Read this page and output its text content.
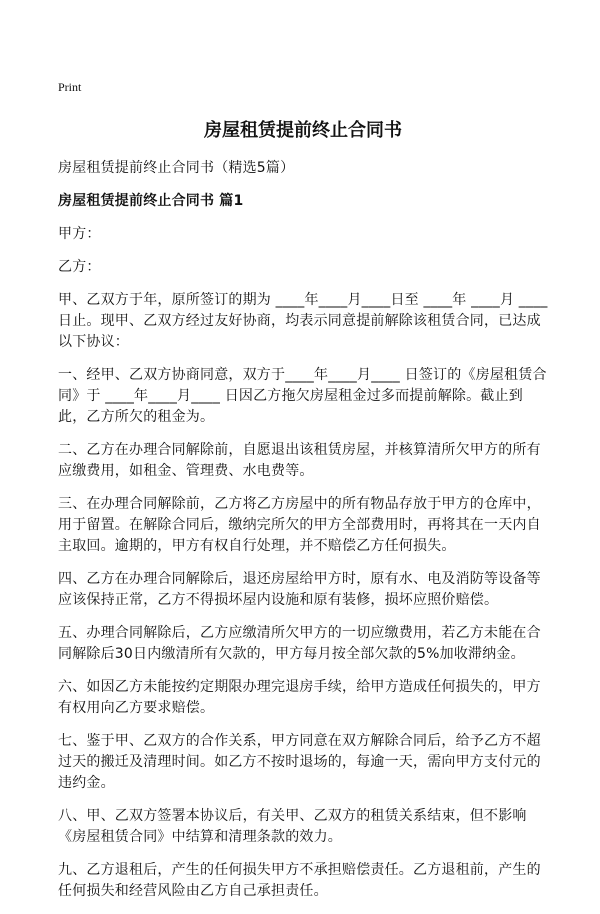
Print
房屋租赁提前终止合同书

房屋租赁提前终止合同书（精选5篇）

房屋租赁提前终止合同书 篇1

甲方：

乙方：

甲、乙双方于年，原所签订的期为 ____年____月____日至 ____年 ____月 ____日止。现甲、乙双方经过友好协商，均表示同意提前解除该租赁合同，已达成以下协议：

一、经甲、乙双方协商同意，双方于____年____月____ 日签订的《房屋租赁合同》于 ____年____月____ 日因乙方拖欠房屋租金过多而提前解除。截止到此，乙方所欠的租金为。

二、乙方在办理合同解除前，自愿退出该租赁房屋，并核算清所欠甲方的所有应缴费用，如租金、管理费、水电费等。

三、在办理合同解除前，乙方将乙方房屋中的所有物品存放于甲方的仓库中，用于留置。在解除合同后，缴纳完所欠的甲方全部费用时，再将其在一天内自主取回。逾期的，甲方有权自行处理，并不赔偿乙方任何损失。

四、乙方在办理合同解除后，退还房屋给甲方时，原有水、电及消防等设备等应该保持正常，乙方不得损坏屋内设施和原有装修，损坏应照价赔偿。

五、办理合同解除后，乙方应缴清所欠甲方的一切应缴费用，若乙方未能在合同解除后30日内缴清所有欠款的，甲方每月按全部欠款的5%加收滞纳金。

六、如因乙方未能按约定期限办理完退房手续，给甲方造成任何损失的，甲方有权用向乙方要求赔偿。

七、鉴于甲、乙双方的合作关系，甲方同意在双方解除合同后，给予乙方不超过天的搬迁及清理时间。如乙方不按时退场的，每逾一天，需向甲方支付元的违约金。

八、甲、乙双方签署本协议后，有关甲、乙双方的租赁关系结束，但不影响《房屋租赁合同》中结算和清理条款的效力。

九、乙方退租后，产生的任何损失甲方不承担赔偿责任。乙方退租前，产生的任何损失和经营风险由乙方自己承担责任。
